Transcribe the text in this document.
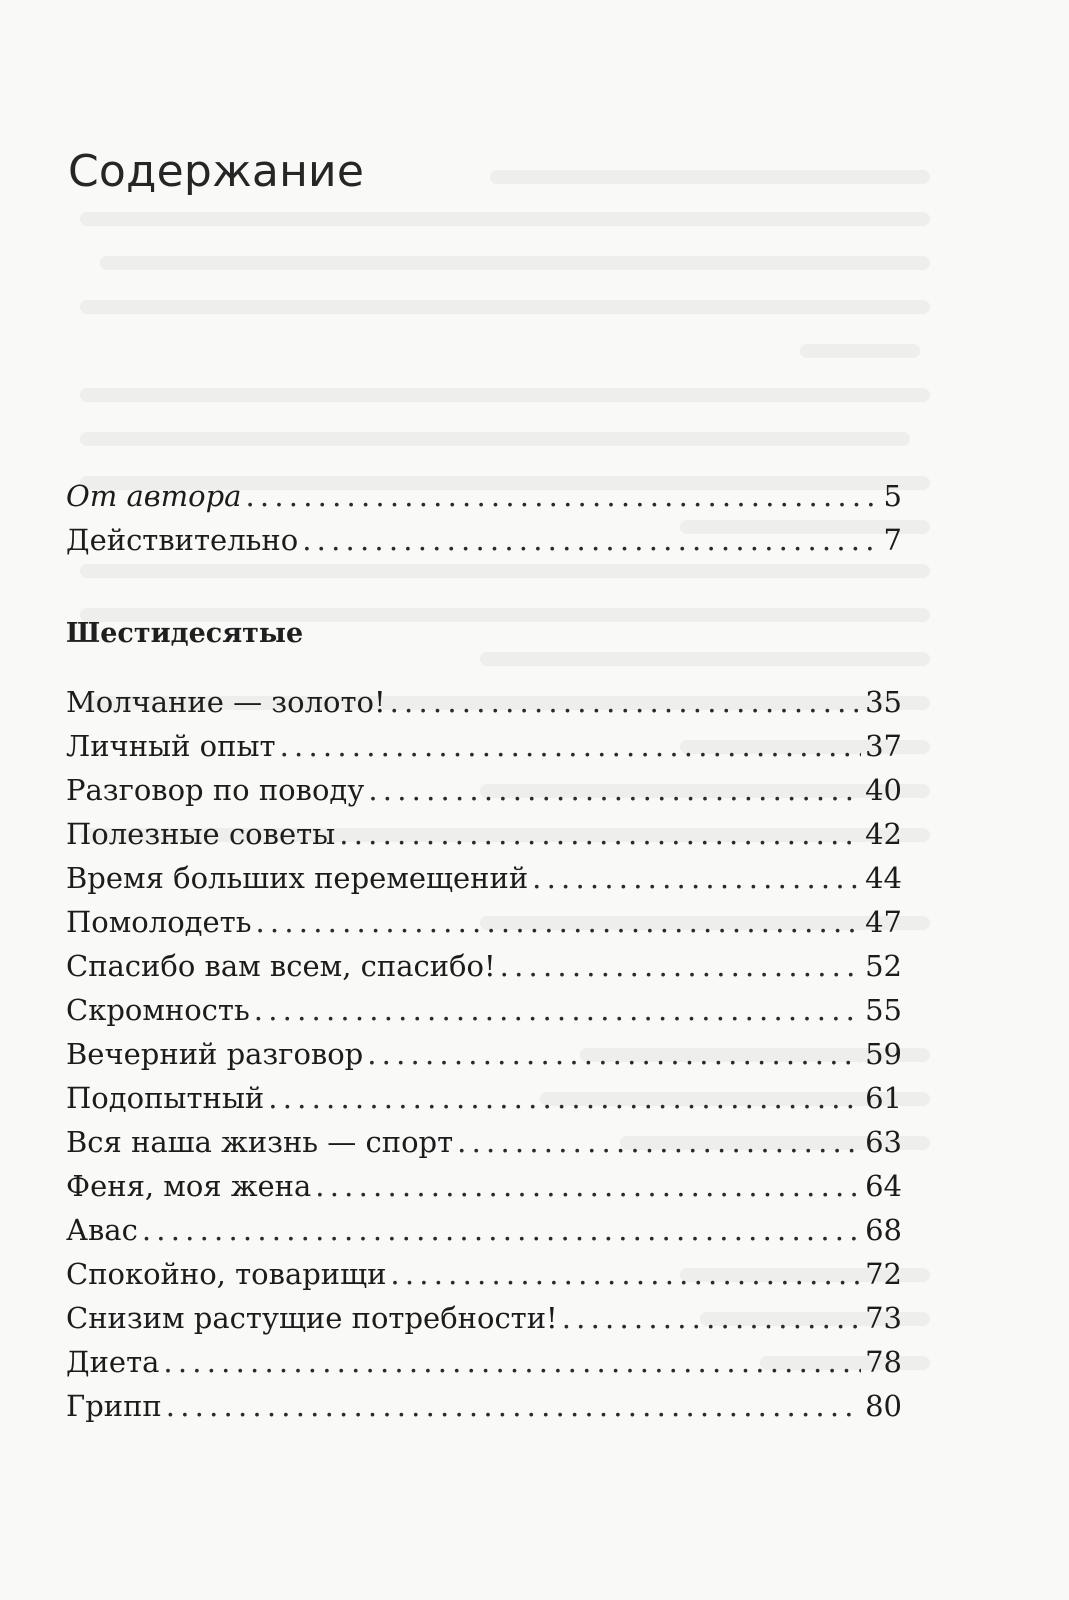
Содержание
От автора . . .	5
Действительно . . .	7
Шестидесятые
Молчание — золото! . . .	35
Личный опыт . . .	37
Разговор по поводу . . .	40
Полезные советы . . .	42
Время больших перемещений . . .	44
Помолодеть . . .	47
Спасибо вам всем, спасибо! . . .	52
Скромность . . .	55
Вечерний разговор . . .	59
Подопытный . . .	61
Вся наша жизнь — спорт . . .	63
Феня, моя жена . . .	64
Авас . . .	68
Спокойно, товарищи . . .	72
Снизим растущие потребности! . . .	73
Диета . . .	78
Грипп . . .	80
